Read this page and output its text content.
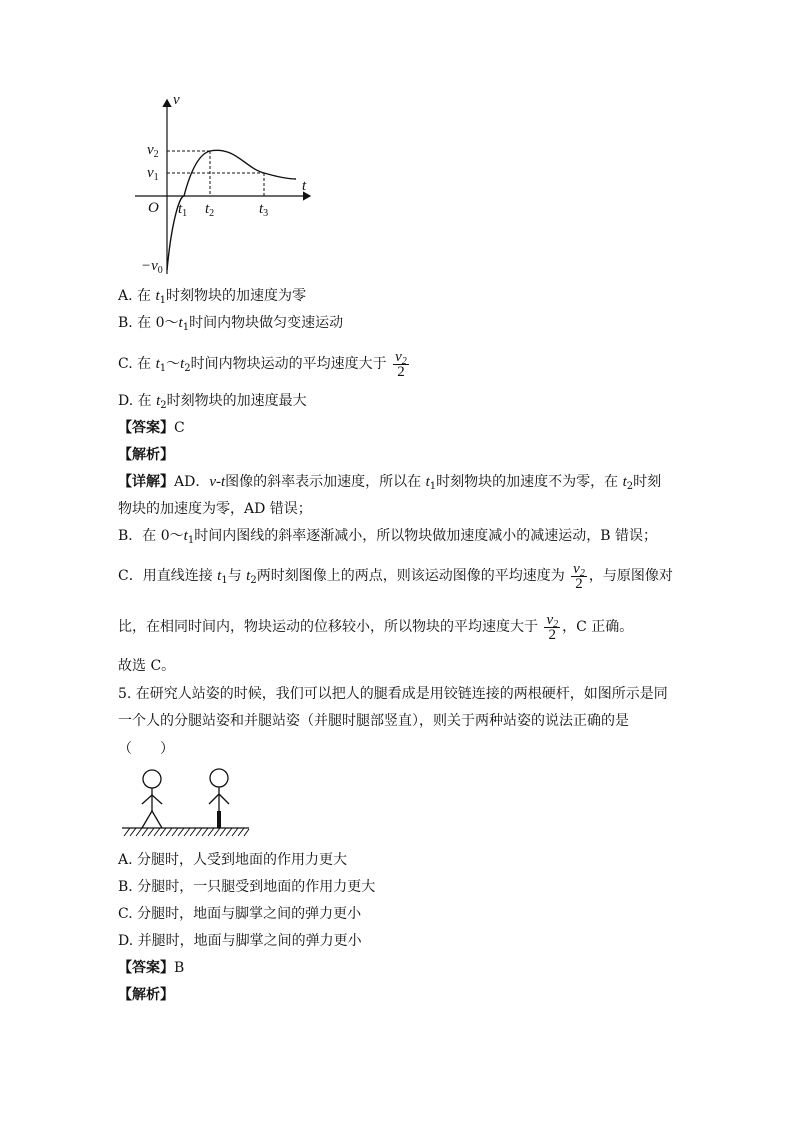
v
t
O
$v_2$
$v_1$
$-v_0$
$t_1$ $t_2$	$t_3$
A. 在 $t_1$时刻物块的加速度为零
B. 在 $0\sim t_1$时间内物块做匀变速运动
C. 在 $t_1\sim t_2$时间内物块运动的平均速度大于 $\frac{v_2}{2}$
D. 在 $t_2$时刻物块的加速度最大
【答案】C
【解析】
【详解】AD．v-t图像的斜率表示加速度，所以在 $t_1$时刻物块的加速度不为零，在 $t_2$时刻
物块的加速度为零，AD 错误；
B．在 $0\sim t_1$时间内图线的斜率逐渐减小，所以物块做加速度减小的减速运动，B 错误；
C．用直线连接 $t_1$与 $t_2$两时刻图像上的两点，则该运动图像的平均速度为 $\frac{v_2}{2}$ ，与原图像对
比，在相同时间内，物块运动的位移较小，所以物块的平均速度大于 $\frac{v_2}{2}$ ，C 正确。
故选 C。
5. 在研究人站姿的时候，我们可以把人的腿看成是用铰链连接的两根硬杆，如图所示是同
一个人的分腿站姿和并腿站姿（并腿时腿部竖直），则关于两种站姿的说法正确的是
（　　）
A. 分腿时，人受到地面的作用力更大
B. 分腿时，一只腿受到地面的作用力更大
C. 分腿时，地面与脚掌之间的弹力更小
D. 并腿时，地面与脚掌之间的弹力更小
【答案】B
【解析】
